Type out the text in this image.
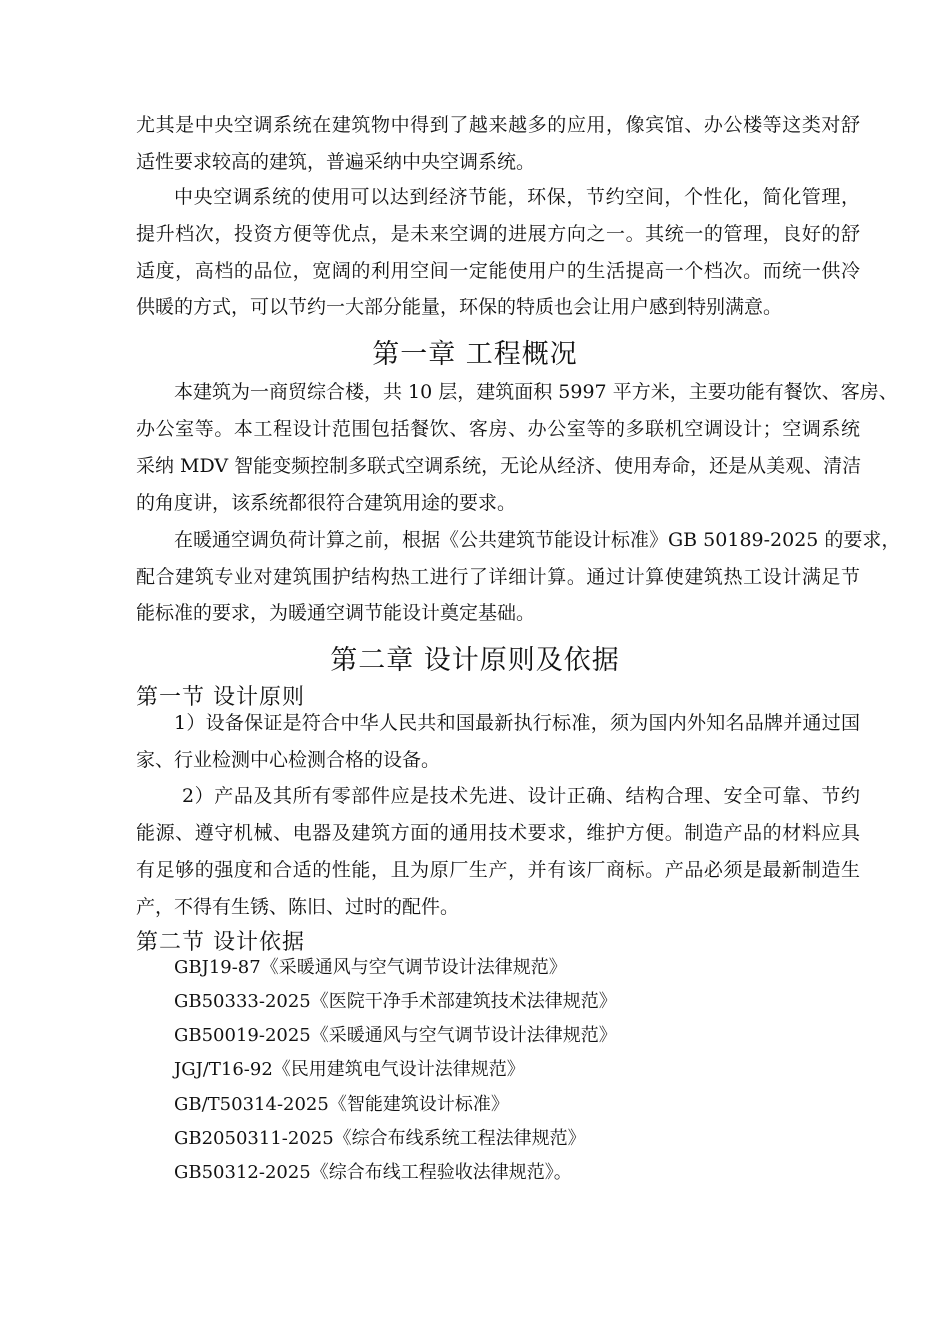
尤其是中央空调系统在建筑物中得到了越来越多的应用，像宾馆、办公楼等这类对舒
适性要求较高的建筑，普遍采纳中央空调系统。
中央空调系统的使用可以达到经济节能，环保，节约空间，个性化，简化管理，
提升档次，投资方便等优点，是未来空调的进展方向之一。其统一的管理，良好的舒
适度，高档的品位，宽阔的利用空间一定能使用户的生活提高一个档次。而统一供冷
供暖的方式，可以节约一大部分能量，环保的特质也会让用户感到特别满意。
第一章 工程概况
本建筑为一商贸综合楼，共 10 层，建筑面积 5997 平方米，主要功能有餐饮、客房、
办公室等。本工程设计范围包括餐饮、客房、办公室等的多联机空调设计；空调系统
采纳 MDV 智能变频控制多联式空调系统，无论从经济、使用寿命，还是从美观、清洁
的角度讲，该系统都很符合建筑用途的要求。
在暖通空调负荷计算之前，根据《公共建筑节能设计标准》GB 50189-2025 的要求，
配合建筑专业对建筑围护结构热工进行了详细计算。通过计算使建筑热工设计满足节
能标准的要求，为暖通空调节能设计奠定基础。
第二章 设计原则及依据
第一节 设计原则
1）设备保证是符合中华人民共和国最新执行标准，须为国内外知名品牌并通过国
家、行业检测中心检测合格的设备。
2）产品及其所有零部件应是技术先进、设计正确、结构合理、安全可靠、节约
能源、遵守机械、电器及建筑方面的通用技术要求，维护方便。制造产品的材料应具
有足够的强度和合适的性能，且为原厂生产，并有该厂商标。产品必须是最新制造生
产，不得有生锈、陈旧、过时的配件。
第二节 设计依据
GBJ19-87《采暖通风与空气调节设计法律规范》
GB50333-2025《医院干净手术部建筑技术法律规范》
GB50019-2025《采暖通风与空气调节设计法律规范》
JGJ/T16-92《民用建筑电气设计法律规范》
GB/T50314-2025《智能建筑设计标准》
GB2050311-2025《综合布线系统工程法律规范》
GB50312-2025《综合布线工程验收法律规范》。
